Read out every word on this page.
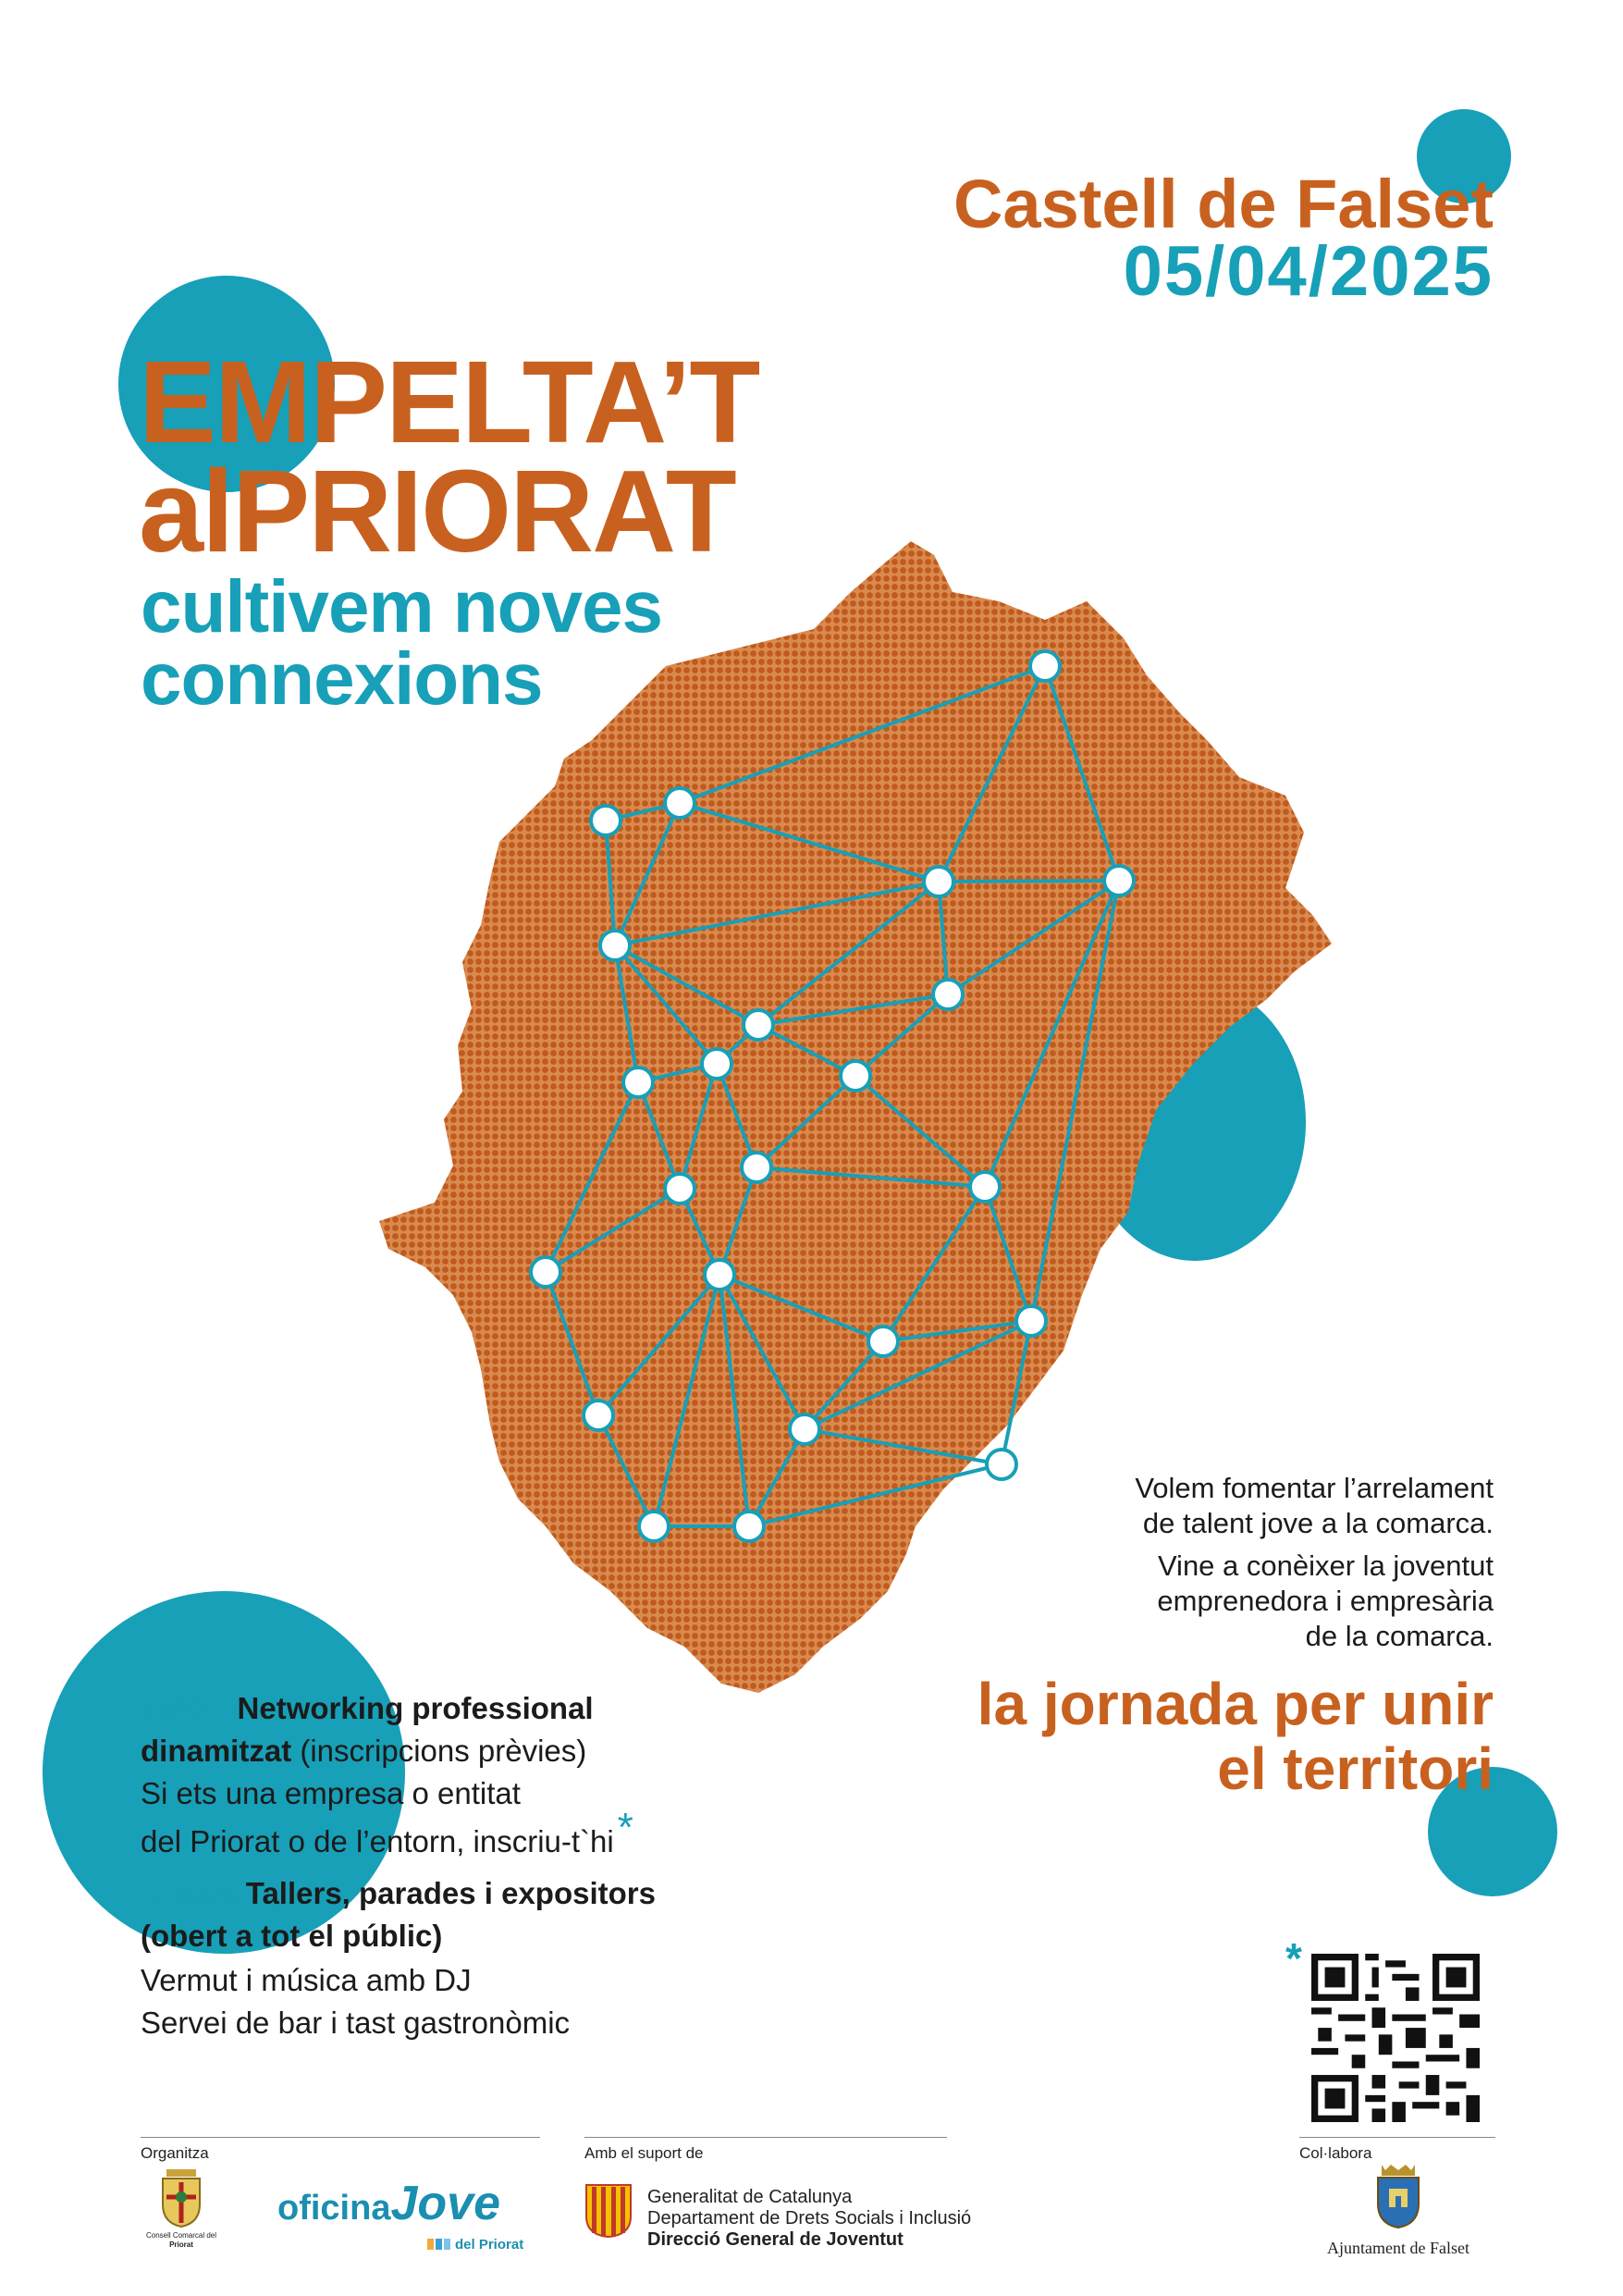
Castell de Falset
05/04/2025
EMPELTA’T
alPRIORAT
cultivem noves
connexions
Volem fomentar l’arrelament
de talent jove a la comarca.
Vine a conèixer la joventut
emprenedora i empresària
de la comarca.
la jornada per unir
el territori
9:00h. Networking professional
dinamitzat (inscripcions prèvies)
Si ets una empresa o entitat
del Priorat o de l’entorn, inscriu-t`hi*
12:00h.Tallers, parades i expositors
(obert a tot el públic)
Vermut i música amb DJ
Servei de bar i tast gastronòmic
*
Organitza	Amb el suport de	Col·labora
Consell Comarcal del
Priorat
oficinaJove
del Priorat
Generalitat de Catalunya
Departament de Drets Socials i Inclusió
Direcció General de Joventut	Ajuntament de Falset
